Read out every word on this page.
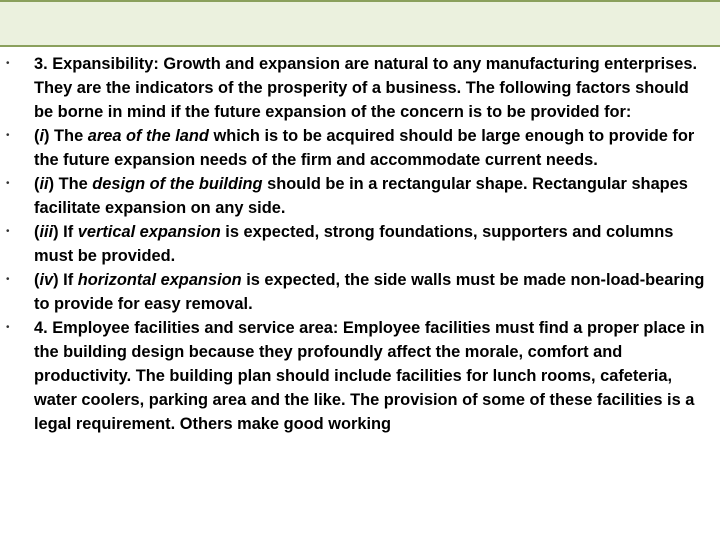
• 3. Expansibility: Growth and expansion are natural to any manufacturing enterprises. They are the indicators of the prosperity of a business. The following factors should be borne in mind if the future expansion of the concern is to be provided for:
• (i) The area of the land which is to be acquired should be large enough to provide for the future expansion needs of the firm and accommodate current needs.
• (ii) The design of the building should be in a rectangular shape. Rectangular shapes facilitate expansion on any side.
• (iii) If vertical expansion is expected, strong foundations, supporters and columns must be provided.
• (iv) If horizontal expansion is expected, the side walls must be made non-load-bearing to provide for easy removal.
• 4. Employee facilities and service area: Employee facilities must find a proper place in the building design because they profoundly affect the morale, comfort and productivity. The building plan should include facilities for lunch rooms, cafeteria, water coolers, parking area and the like. The provision of some of these facilities is a legal requirement. Others make good working
